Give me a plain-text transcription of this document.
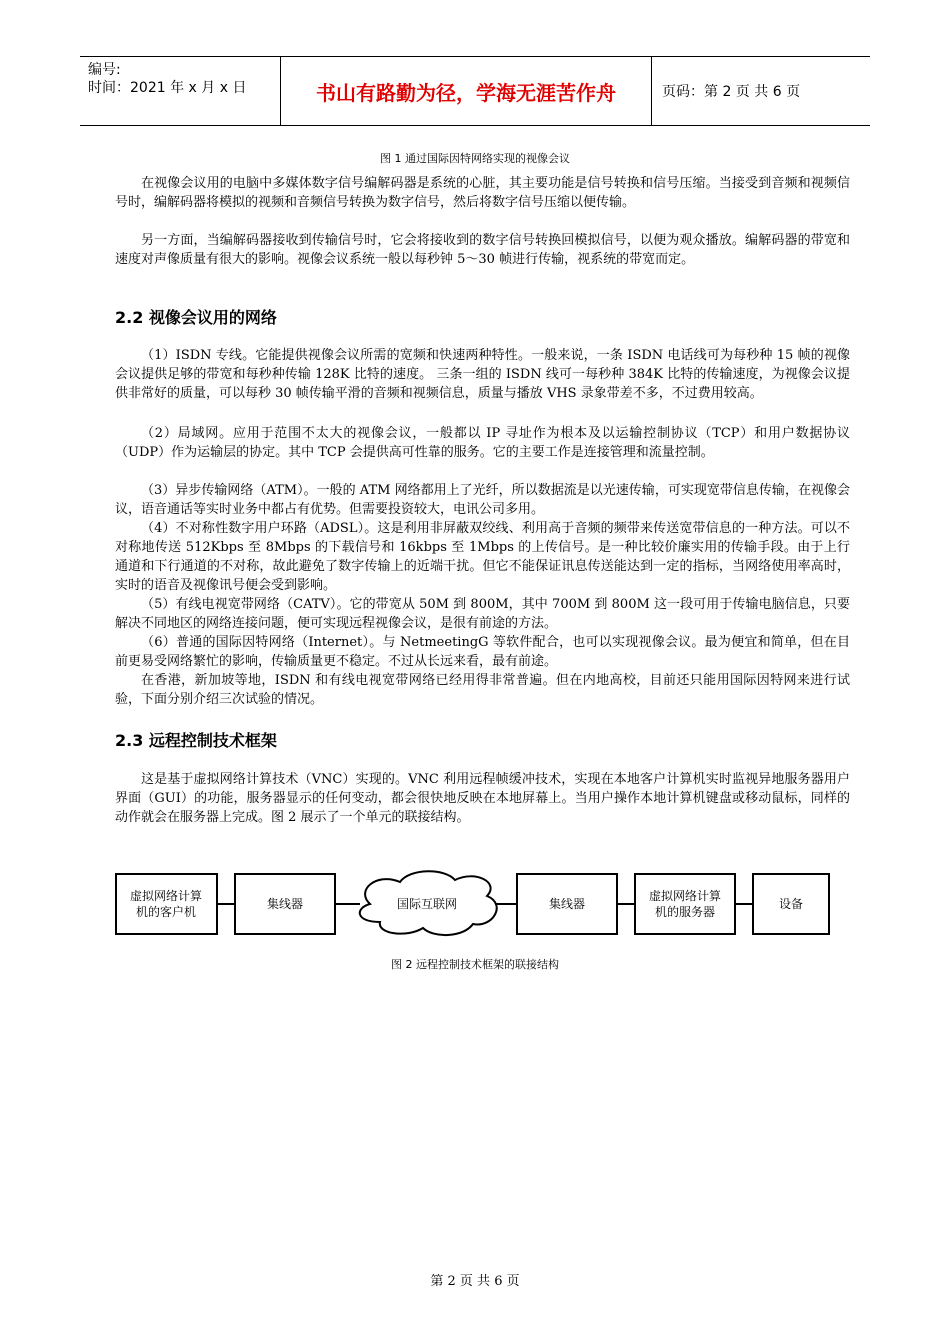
编号:
时间：2021 年 x 月 x 日	书山有路勤为径，学海无涯苦作舟	页码：第 2 页 共 6 页
图 1 通过国际因特网络实现的视像会议

在视像会议用的电脑中多媒体数字信号编解码器是系统的心脏，其主要功能是信号转换和信号压缩。当接受到音频和视频信号时，编解码器将模拟的视频和音频信号转换为数字信号，然后将数字信号压缩以便传输。

另一方面，当编解码器接收到传输信号时，它会将接收到的数字信号转换回模拟信号，以便为观众播放。编解码器的带宽和速度对声像质量有很大的影响。视像会议系统一般以每秒钟 5～30 帧进行传输，视系统的带宽而定。

2.2 视像会议用的网络

（1）ISDN 专线。它能提供视像会议所需的宽频和快速两种特性。一般来说，一条 ISDN 电话线可为每秒种 15 帧的视像会议提供足够的带宽和每秒种传输 128K 比特的速度。 三条一组的 ISDN 线可一每秒种 384K 比特的传输速度，为视像会议提供非常好的质量，可以每秒 30 帧传输平滑的音频和视频信息，质量与播放 VHS 录象带差不多，不过费用较高。

（2）局域网。应用于范围不太大的视像会议，一般都以 IP 寻址作为根本及以运输控制协议（TCP）和用户数据协议（UDP）作为运输层的协定。其中 TCP 会提供高可性靠的服务。它的主要工作是连接管理和流量控制。

（3）异步传输网络（ATM）。一般的 ATM 网络都用上了光纤，所以数据流是以光速传输，可实现宽带信息传输，在视像会议，语音通话等实时业务中都占有优势。但需要投资较大，电讯公司多用。

（4）不对称性数字用户环路（ADSL）。这是利用非屏蔽双绞线、利用高于音频的频带来传送宽带信息的一种方法。可以不对称地传送 512Kbps 至 8Mbps 的下载信号和 16kbps 至 1Mbps 的上传信号。是一种比较价廉实用的传输手段。由于上行通道和下行通道的不对称，故此避免了数字传输上的近端干扰。但它不能保证讯息传送能达到一定的指标，当网络使用率高时，实时的语音及视像讯号便会受到影响。

（5）有线电视宽带网络（CATV）。它的带宽从 50M 到 800M，其中 700M 到 800M 这一段可用于传输电脑信息，只要解决不同地区的网络连接问题，便可实现远程视像会议，是很有前途的方法。

（6）普通的国际因特网络（Internet）。与 NetmeetingG 等软件配合，也可以实现视像会议。最为便宜和简单，但在目前更易受网络繁忙的影响，传输质量更不稳定。不过从长远来看，最有前途。

在香港，新加坡等地，ISDN 和有线电视宽带网络已经用得非常普遍。但在内地高校，目前还只能用国际因特网来进行试验，下面分别介绍三次试验的情况。

2.3 远程控制技术框架

这是基于虚拟网络计算技术（VNC）实现的。VNC 利用远程帧缓冲技术，实现在本地客户计算机实时监视异地服务器用户界面（GUI）的功能，服务器显示的任何变动，都会很快地反映在本地屏幕上。当用户操作本地计算机键盘或移动鼠标，同样的动作就会在服务器上完成。图 2 展示了一个单元的联接结构。

虚拟网络计算
机的客户机
集线器	国际互联网	集线器
虚拟网络计算
机的服务器
设备
图 2 远程控制技术框架的联接结构
第 2 页 共 6 页
